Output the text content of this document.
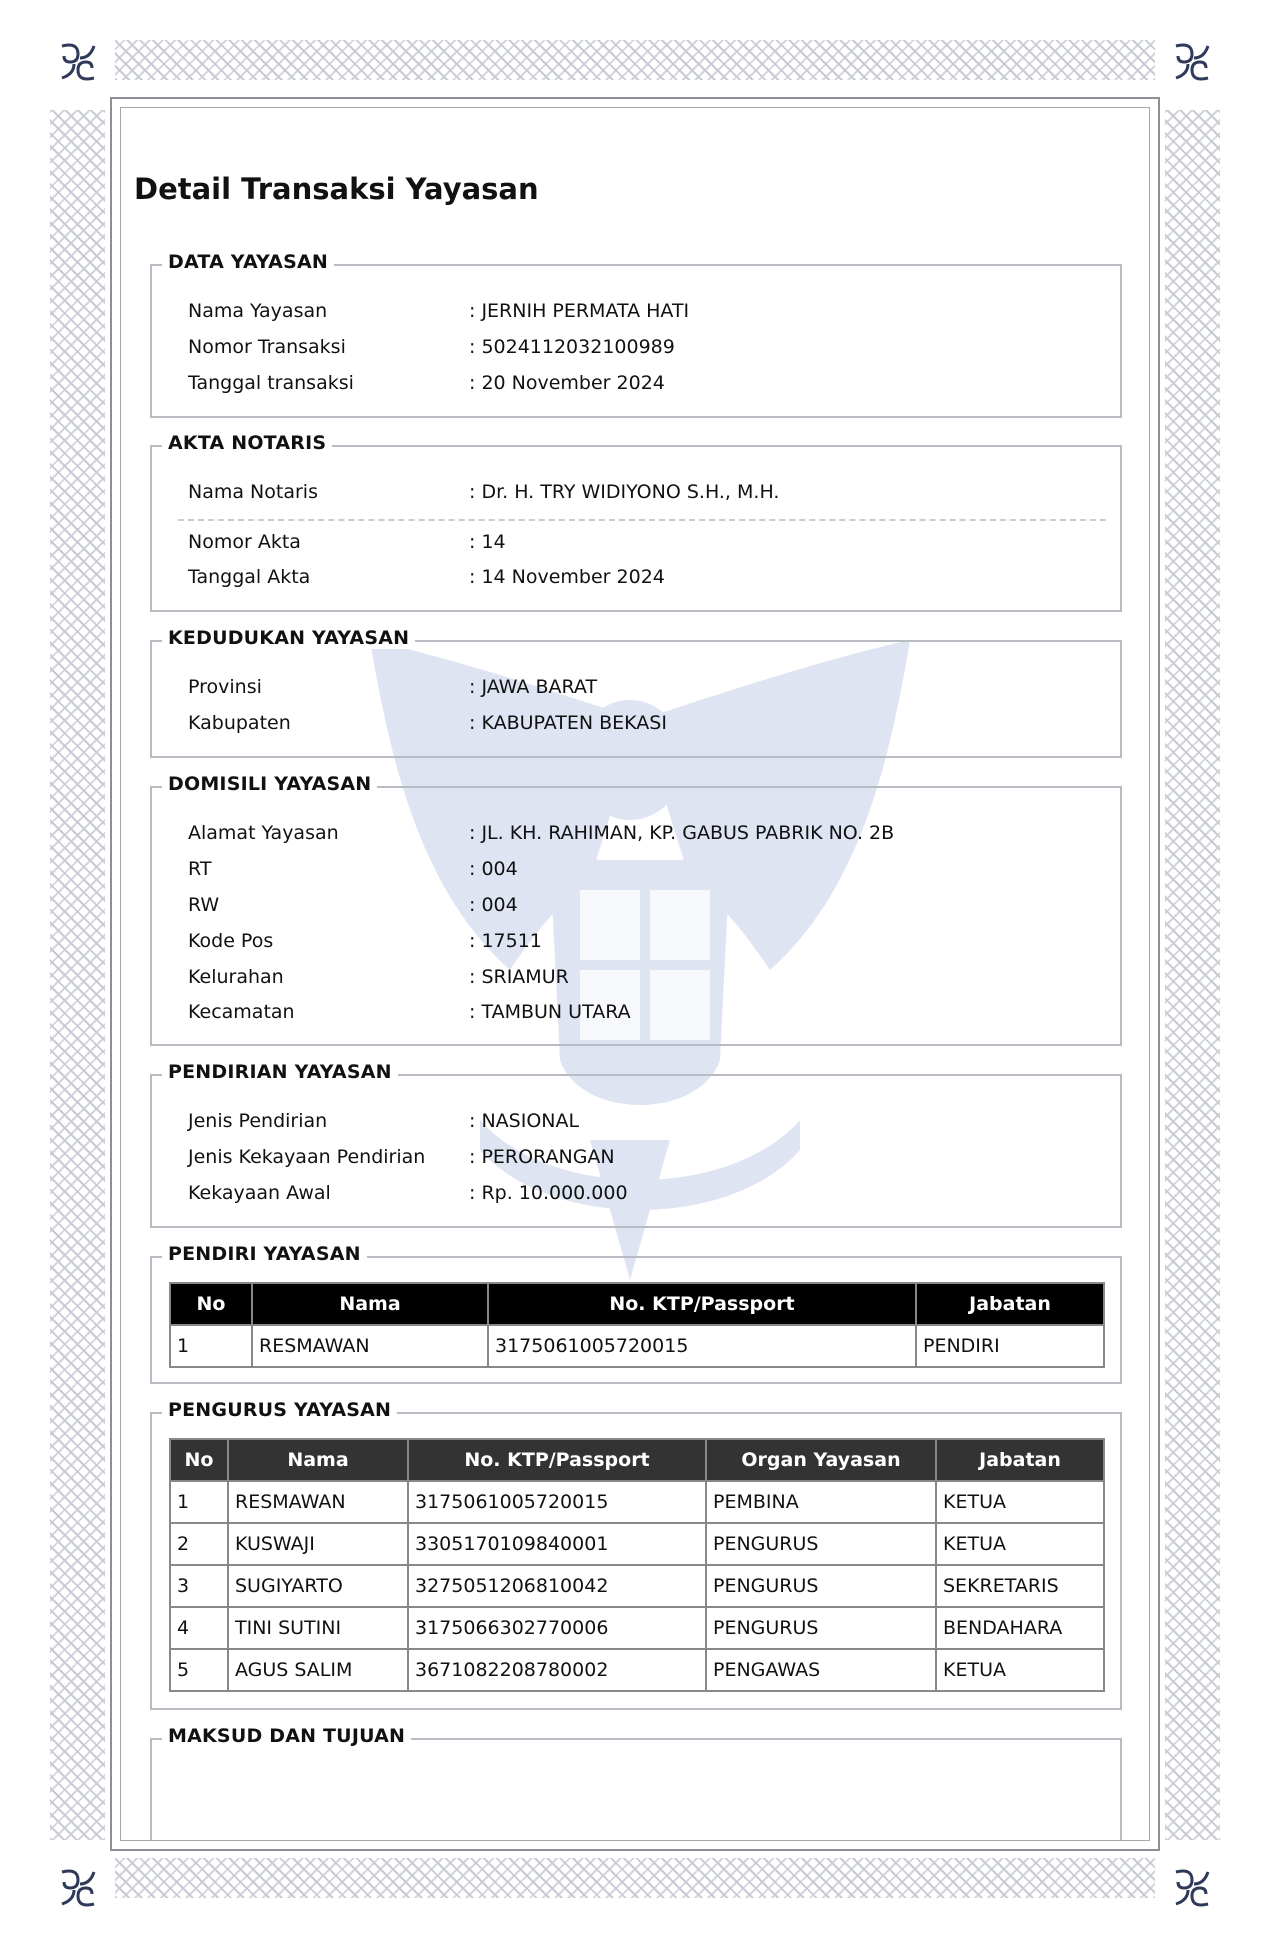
Detail Transaksi Yayasan
DATA YAYASAN
Nama Yayasan	: JERNIH PERMATA HATI
Nomor Transaksi	: 5024112032100989
Tanggal transaksi	: 20 November 2024
AKTA NOTARIS
Nama Notaris	: Dr. H. TRY WIDIYONO S.H., M.H.
Nomor Akta	: 14
Tanggal Akta	: 14 November 2024
KEDUDUKAN YAYASAN
Provinsi	: JAWA BARAT
Kabupaten	: KABUPATEN BEKASI
DOMISILI YAYASAN
Alamat Yayasan	: JL. KH. RAHIMAN, KP. GABUS PABRIK NO. 2B
RT	: 004
RW	: 004
Kode Pos	: 17511
Kelurahan	: SRIAMUR
Kecamatan	: TAMBUN UTARA
PENDIRIAN YAYASAN
Jenis Pendirian	: NASIONAL
Jenis Kekayaan Pendirian : PERORANGAN
Kekayaan Awal	: Rp. 10.000.000
PENDIRI YAYASAN
No	Nama	No. KTP/Passport	Jabatan
1	RESMAWAN	3175061005720015	PENDIRI
PENGURUS YAYASAN
No	Nama	No. KTP/Passport	Organ Yayasan	Jabatan
1	RESMAWAN	3175061005720015	PEMBINA	KETUA
2	KUSWAJI	3305170109840001	PENGURUS	KETUA
3	SUGIYARTO	3275051206810042	PENGURUS	SEKRETARIS
4	TINI SUTINI	3175066302770006	PENGURUS	BENDAHARA
5	AGUS SALIM	3671082208780002	PENGAWAS	KETUA
MAKSUD DAN TUJUAN
